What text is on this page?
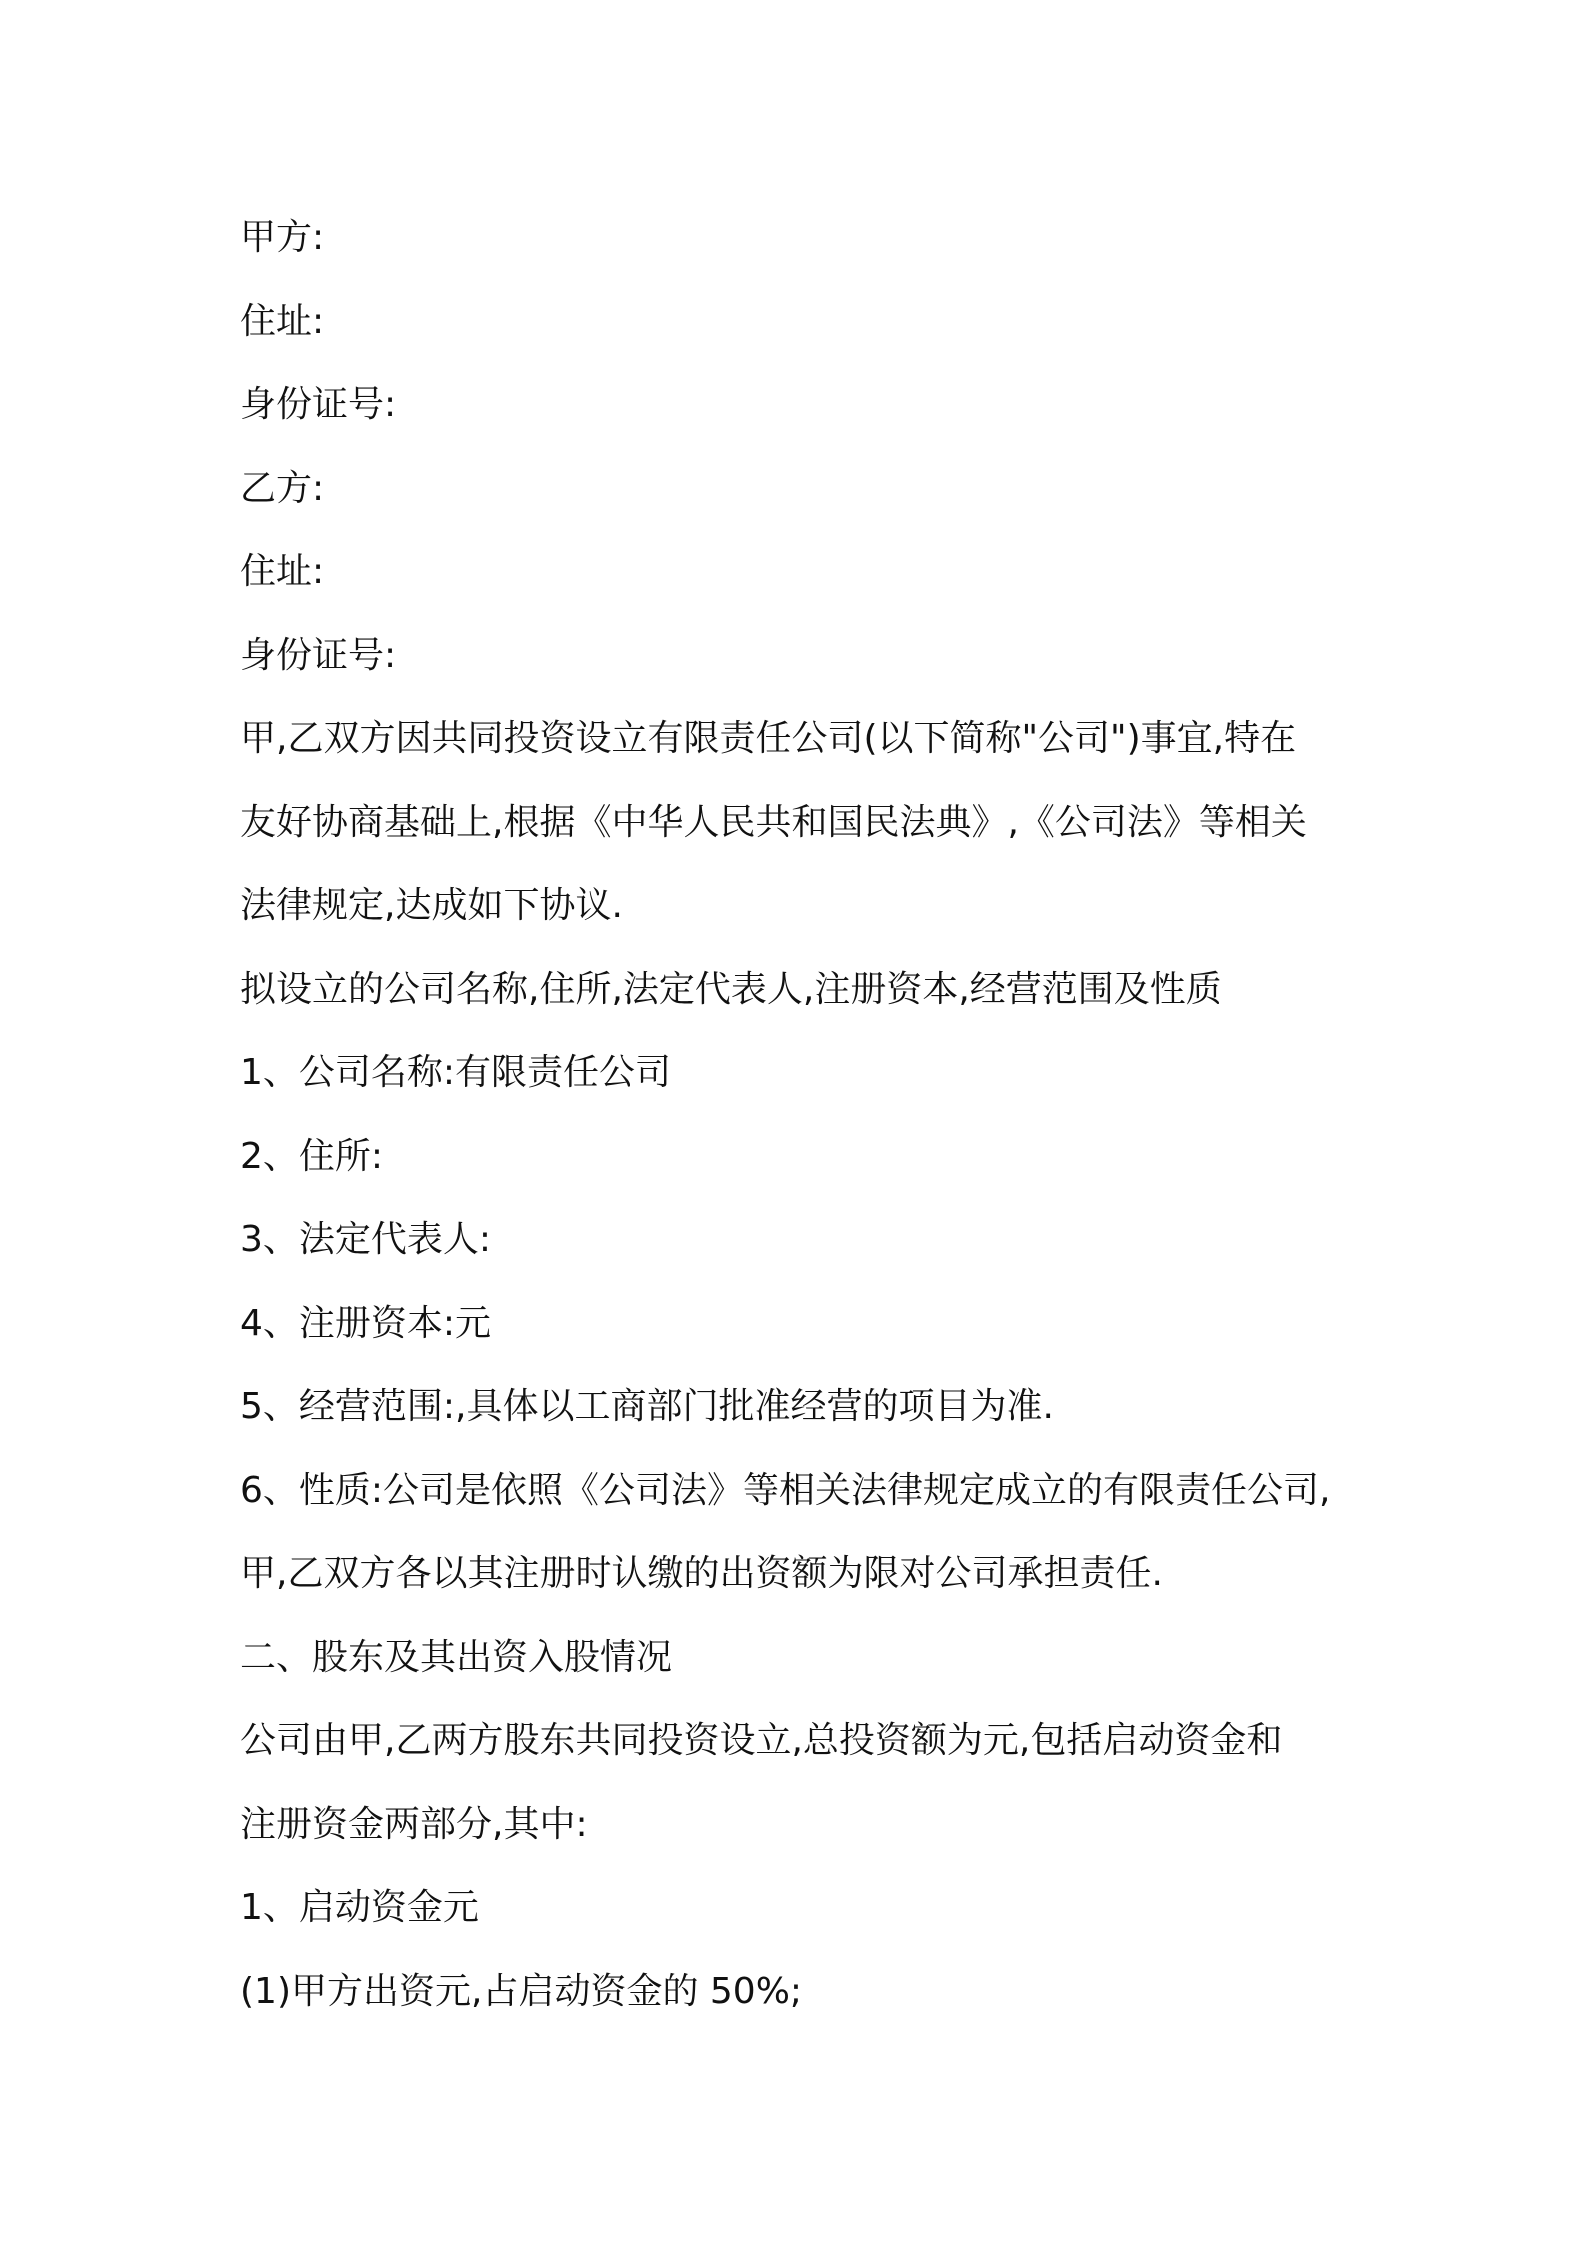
甲方:
住址:
身份证号:
乙方:
住址:
身份证号:
甲,乙双方因共同投资设立有限责任公司(以下简称"公司")事宜,特在
友好协商基础上,根据《中华人民共和国民法典》,《公司法》等相关
法律规定,达成如下协议.
拟设立的公司名称,住所,法定代表人,注册资本,经营范围及性质
1、公司名称:有限责任公司
2、住所:
3、法定代表人:
4、注册资本:元
5、经营范围:,具体以工商部门批准经营的项目为准.
6、性质:公司是依照《公司法》等相关法律规定成立的有限责任公司,
甲,乙双方各以其注册时认缴的出资额为限对公司承担责任.
二、股东及其出资入股情况
公司由甲,乙两方股东共同投资设立,总投资额为元,包括启动资金和
注册资金两部分,其中:
1、启动资金元
(1)甲方出资元,占启动资金的 50%;
